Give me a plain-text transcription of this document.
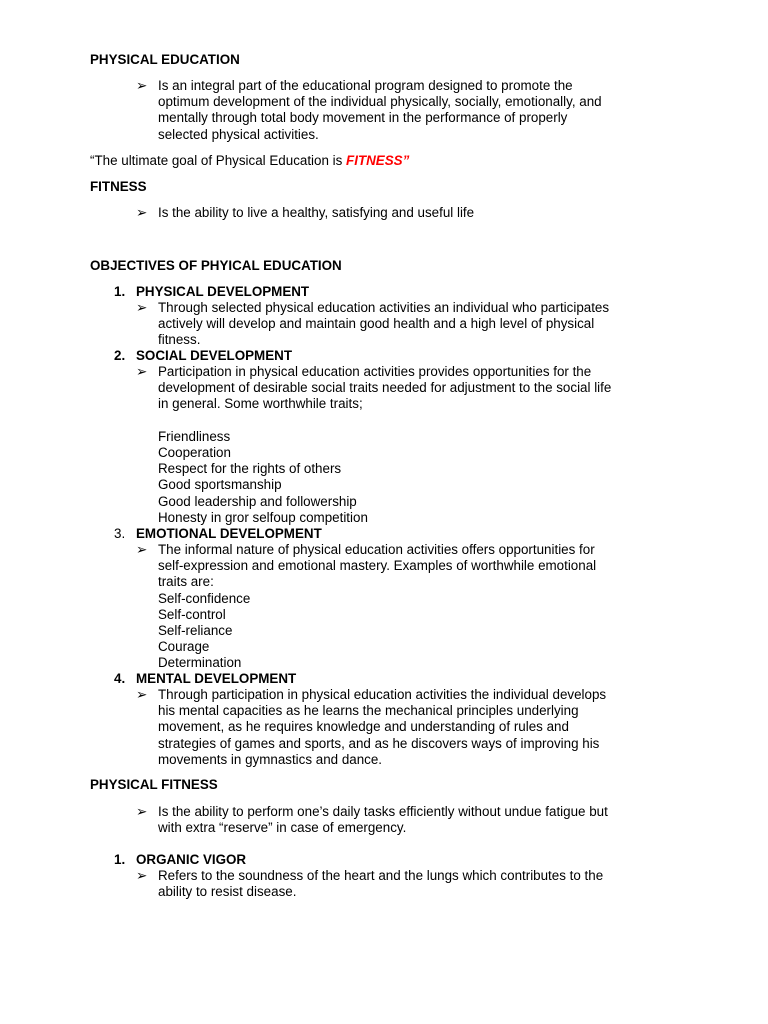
PHYSICAL EDUCATION
➢ Is an integral part of the educational program designed to promote the
optimum development of the individual physically, socially, emotionally, and
mentally through total body movement in the performance of properly
selected physical activities.
“The ultimate goal of Physical Education is FITNESS”
FITNESS
➢ Is the ability to live a healthy, satisfying and useful life
OBJECTIVES OF PHYICAL EDUCATION
1. PHYSICAL DEVELOPMENT
➢ Through selected physical education activities an individual who participates
actively will develop and maintain good health and a high level of physical
fitness.
2. SOCIAL DEVELOPMENT
➢ Participation in physical education activities provides opportunities for the
development of desirable social traits needed for adjustment to the social life
in general. Some worthwhile traits;
Friendliness
Cooperation
Respect for the rights of others
Good sportsmanship
Good leadership and followership
Honesty in gror selfoup competition
3. EMOTIONAL DEVELOPMENT
➢ The informal nature of physical education activities offers opportunities for
self-expression and emotional mastery. Examples of worthwhile emotional
traits are:
Self-confidence
Self-control
Self-reliance
Courage
Determination
4. MENTAL DEVELOPMENT
➢ Through participation in physical education activities the individual develops
his mental capacities as he learns the mechanical principles underlying
movement, as he requires knowledge and understanding of rules and
strategies of games and sports, and as he discovers ways of improving his
movements in gymnastics and dance.
PHYSICAL FITNESS
➢ Is the ability to perform one’s daily tasks efficiently without undue fatigue but
with extra “reserve” in case of emergency.
1. ORGANIC VIGOR
➢ Refers to the soundness of the heart and the lungs which contributes to the
ability to resist disease.
